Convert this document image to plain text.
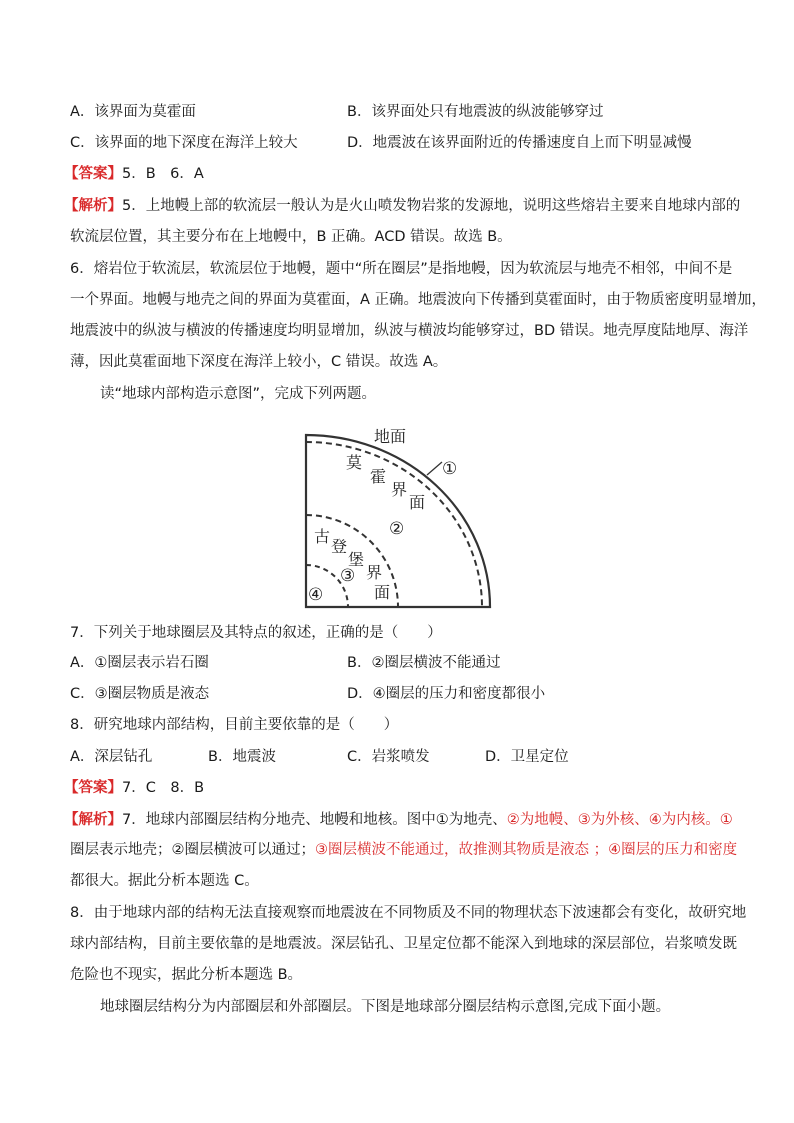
A．该界面为莫霍面	B．该界面处只有地震波的纵波能够穿过
C．该界面的地下深度在海洋上较大	D．地震波在该界面附近的传播速度自上而下明显减慢
【答案】5．B　6．A
【解析】5．上地幔上部的软流层一般认为是火山喷发物岩浆的发源地，说明这些熔岩主要来自地球内部的
软流层位置，其主要分布在上地幔中，B 正确。ACD 错误。故选 B。
6．熔岩位于软流层，软流层位于地幔，题中“所在圈层”是指地幔，因为软流层与地壳不相邻，中间不是
一个界面。地幔与地壳之间的界面为莫霍面，A 正确。地震波向下传播到莫霍面时，由于物质密度明显增加，
地震波中的纵波与横波的传播速度均明显增加，纵波与横波均能够穿过，BD 错误。地壳厚度陆地厚、海洋
薄，因此莫霍面地下深度在海洋上较小，C 错误。故选 A。
读“地球内部构造示意图”，完成下列两题。
地面
①
莫
霍
界
面
②
古
登
堡
界
面
③
④
7．下列关于地球圈层及其特点的叙述，正确的是（　　）
A．①圈层表示岩石圈	B．②圈层横波不能通过
C．③圈层物质是液态	D．④圈层的压力和密度都很小
8．研究地球内部结构，目前主要依靠的是（　　）
A．深层钻孔	B．地震波	C．岩浆喷发	D．卫星定位
【答案】7．C　8．B
【解析】7．地球内部圈层结构分地壳、地幔和地核。图中①为地壳、②为地幔、③为外核、④为内核。①
圈层表示地壳；②圈层横波可以通过；③圈层横波不能通过，故推测其物质是液态 ；④圈层的压力和密度
都很大。据此分析本题选 C。
8．由于地球内部的结构无法直接观察而地震波在不同物质及不同的物理状态下波速都会有变化，故研究地
球内部结构，目前主要依靠的是地震波。深层钻孔、卫星定位都不能深入到地球的深层部位，岩浆喷发既
危险也不现实，据此分析本题选 B。
地球圈层结构分为内部圈层和外部圈层。下图是地球部分圈层结构示意图,完成下面小题。
